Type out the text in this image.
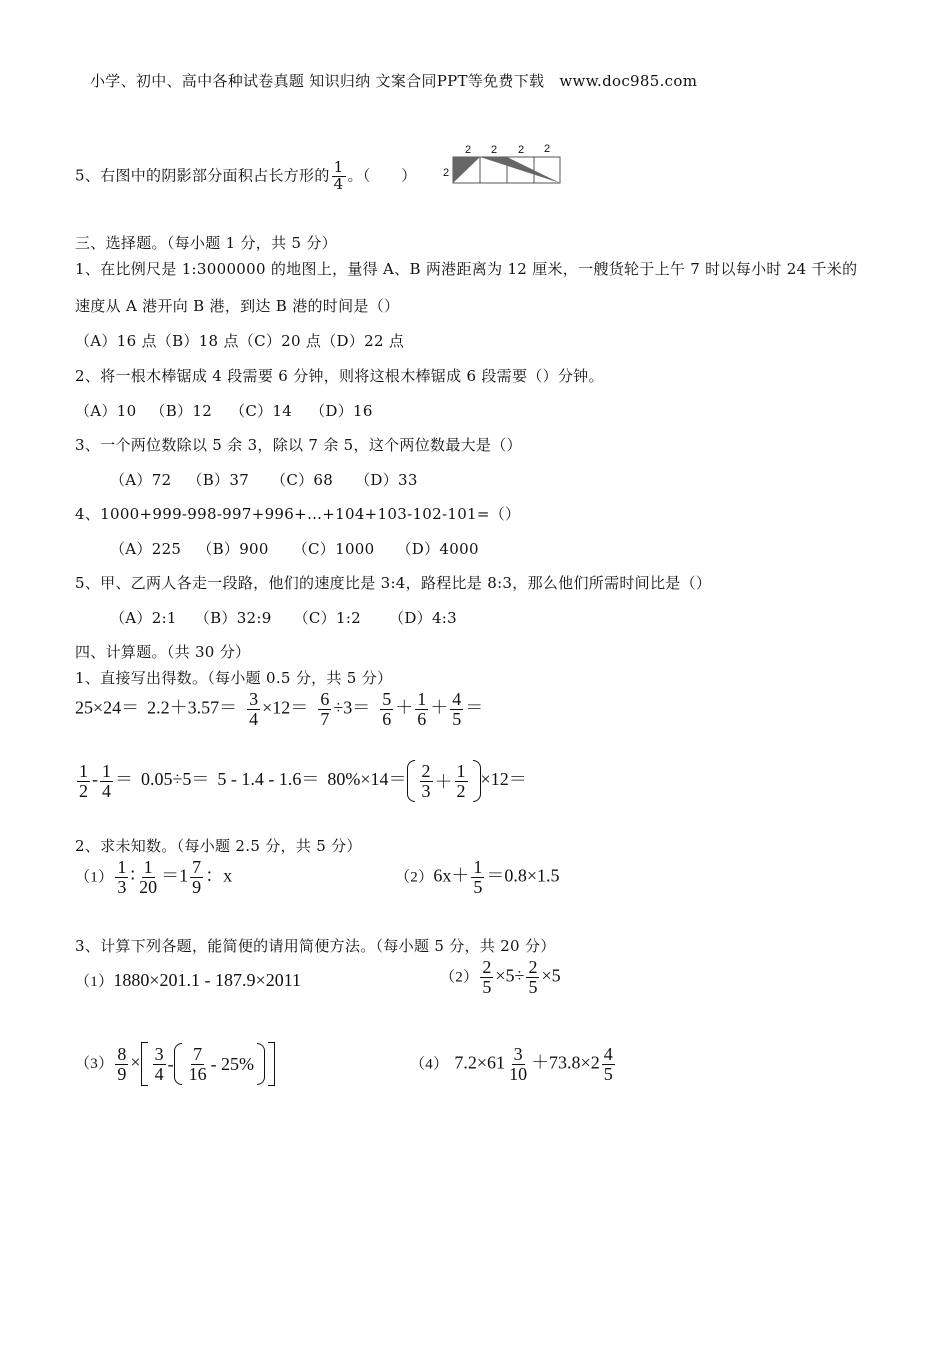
小学、初中、高中各种试卷真题 知识归纳 文案合同PPT等免费下载 www.doc985.com
5、右图中的阴影部分面积占长方形的 $\frac{1}{4}$ 。（　　）
2 2 2 2
2
三、选择题。（每小题 1 分，共 5 分）
1、在比例尺是 1:3000000 的地图上，量得 A、B 两港距离为 12 厘米，一艘货轮于上午 7 时以每小时 24 千米的
速度从 A 港开向 B 港，到达 B 港的时间是（）
（A）16 点（B）18 点（C）20 点（D）22 点
2、将一根木棒锯成 4 段需要 6 分钟，则将这根木棒锯成 6 段需要（）分钟。
（A）10 （B）12 （C）14 （D）16
3、一个两位数除以 5 余 3，除以 7 余 5，这个两位数最大是（）
（A）72 （B）37 （C）68 （D）33
4、1000+999-998-997+996+…+104+103-102-101=（）
（A）225 （B）900 （C）1000 （D）4000
5、甲、乙两人各走一段路，他们的速度比是 3:4，路程比是 8:3，那么他们所需时间比是（）
（A）2:1 （B）32:9 （C）1:2 （D）4:3
四、计算题。（共 30 分）
1、直接写出得数。（每小题 0.5 分，共 5 分）
$25\times 24= 2.2+3.57= \frac{3}{4} \times 12= \frac{6}{7} \div 3= \frac{5}{6} + \frac{1}{6} + \frac{4}{5}$ ＝
$\frac{1}{2} - \frac{1}{4} = 0.05\div 5= 5 - 1.4 - 1.6= 80\%\times 14= \frac{2}{3} + \frac{1}{2} \times 12=$
2、求未知数。（每小题 2.5 分，共 5 分）
$(1) \frac{1}{3}$ ∶ $\frac{1}{20} =1 \frac{7}{9}$ ：x	$(2)6x+ \frac{1}{5} =0.8\times 1.5$
3、计算下列各题，能简便的请用简便方法。（每小题 5 分，共 20 分）
（1）1880×201.1 - 187.9×2011	$(2) \frac{2}{5} \times 5\div \frac{2}{5} \times 5$
$(3) \frac{8}{9} \times \frac{3}{4} - \frac{7}{16} - 25\%$	（4） $7.2\times 61 \frac{3}{10} +73.8\times 2 \frac{4}{5}$
